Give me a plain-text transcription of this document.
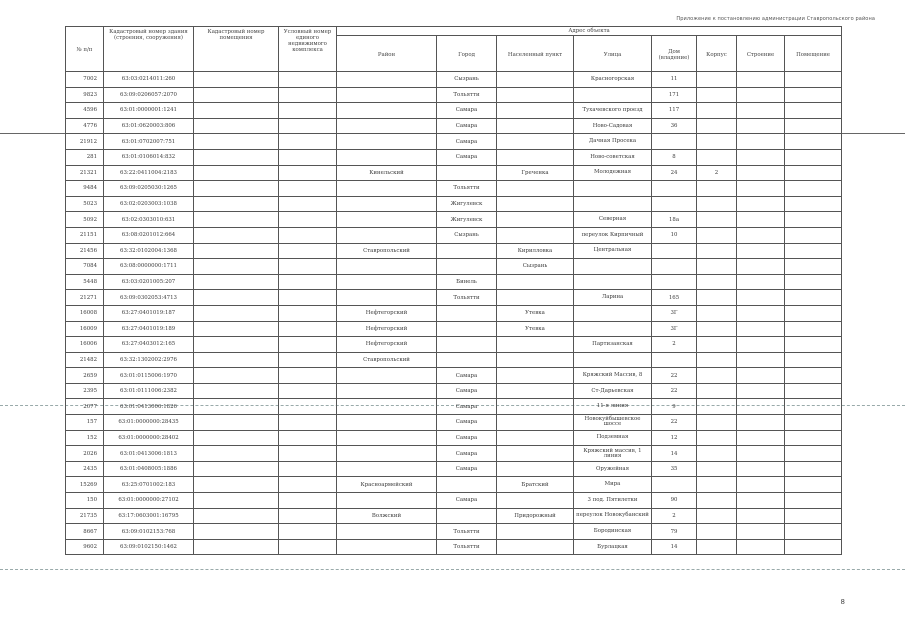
Приложение к постановлению администрации Ставропольского района
№ п/п	Кадастровый номер здания (строения, сооружения)	Кадастровый номер помещения	Условный номер единого недвижимого комплекса	Адрес объекта							
				Район	Город	Населенный пункт	Улица	Дом (владение)	Корпус	Строение	Помещение
7002	63:03:0214011:260				Сызрань		Красногорская	11			
9823	63:09:0206057:2070				Тольятти			171			
4596	63:01:0000001:1241				Самара		Тухачевского проезд	117			
4776	63:01:0620003:806				Самара		Ново-Садовая	36			
21912	63:01:0702007:751				Самара		Дачная Просека				
281	63:01:0106014:832				Самара		Ново-советская	8			
21321	63:22:0411004:2183			Кинельский		Греченка	Молодежная	24	2		
9484	63:09:0205030:1265				Тольятти						
5023	63:02:0203003:1038				Жигулевск						
5092	63:02:0303010:631				Жигулевск		Северная	18а			
21151	63:08:0201012:664				Сызрань		переулок Кирпичный	10			
21456	63:32:0102004:1368			Ставропольский		Кирилловка	Центральная				
7084	63:08:0000000:1711					Сызрань					
5448	63:03:0201005:207				Бинель						
21271	63:09:0302053:4713				Тольятти		Ларина	165			
16008	63:27:0401019:187			Нефтегорский		Утевка		3Г			
16009	63:27:0401019:189			Нефтегорский		Утевка		3Г			
16006	63:27:0403012:165			Нефтегорский			Партизанская	2			
21482	63:32:1302002:2976			Ставропольский							
2659	63:01:0115006:1970				Самара		Кряжский Массив, 8	22			
2395	63:01:0111006:2382				Самара		Ст-Дарьевская	22			
2077	63:01:0413006:1826				Самара		11-я линия	9			
157	63:01:0000000:28435				Самара		Новокуйбышевское шоссе	22			
152	63:01:0000000:28402				Самара		Подземная	12			
2026	63:01:0413006:1813				Самара		Кряжский массив, 1 линия	14			
2435	63:01:0408005:1886				Самара		Оружейная	35			
15269	63:25:0701002:183			Красноармейский		Братский	Мира				
150	63:01:0000000:27102				Самара		3 под. Пятилетки	90			
21735	63:17:0603001:16795			Волжский		Придорожный	переулок Новокубанский	2			
8667	63:09:0102153:768				Тольятти		Бородинская	79			
9602	63:09:0102150:1462				Тольятти		Бурлацкая	14			
8
